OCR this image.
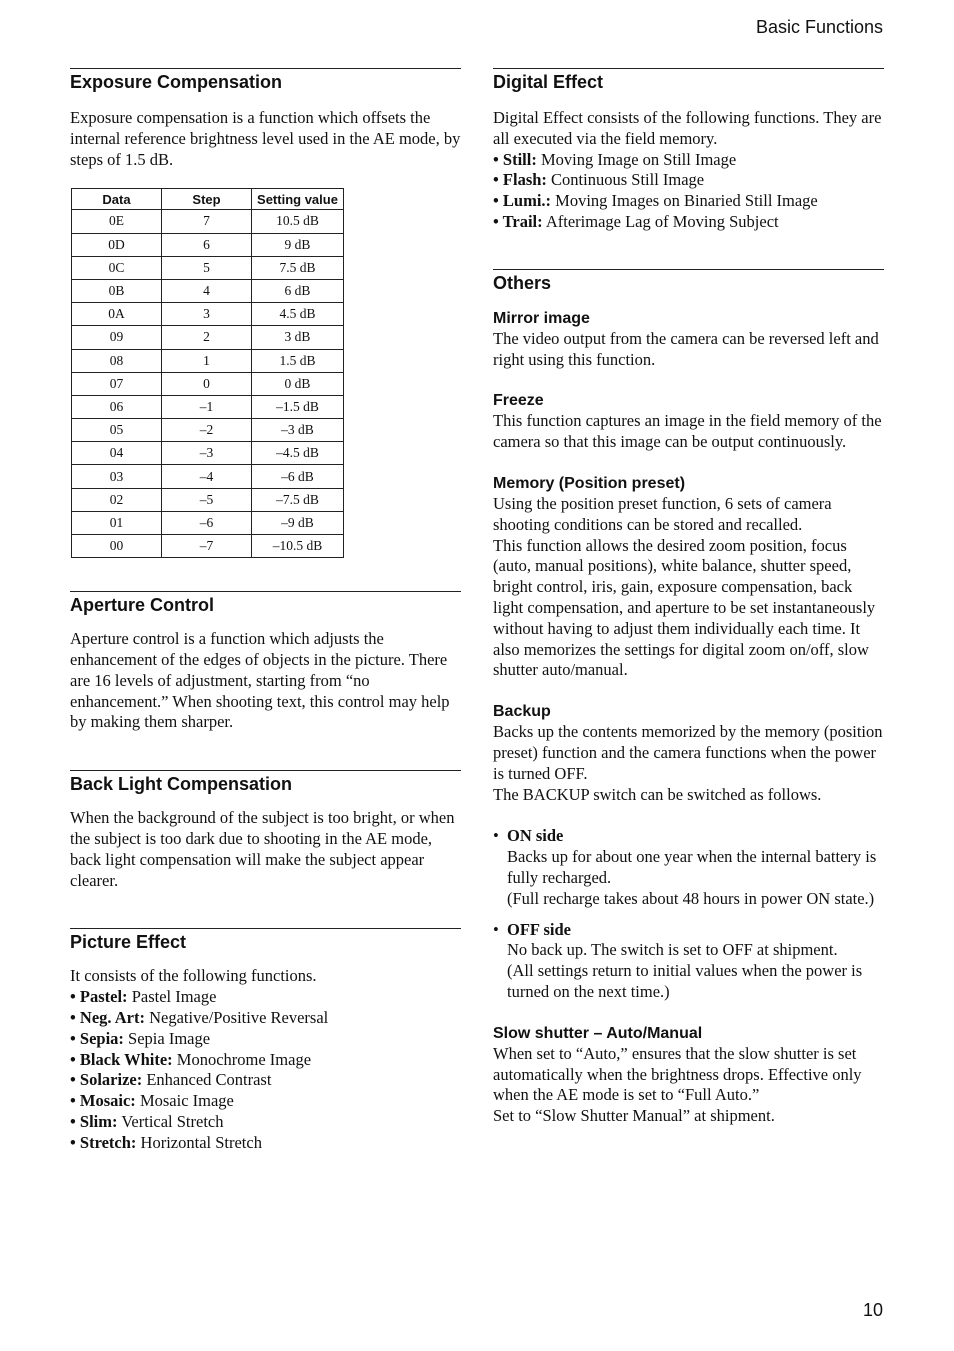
Basic Functions
Exposure Compensation

Exposure compensation is a function which offsets the internal reference brightness level used in the AE mode, by steps of 1.5 dB.

Data	Step	Setting value
0E	7	10.5 dB
0D	6	9 dB
0C	5	7.5 dB
0B	4	6 dB
0A	3	4.5 dB
09	2	3 dB
08	1	1.5 dB
07	0	0 dB
06	–1	–1.5 dB
05	–2	–3 dB
04	–3	–4.5 dB
03	–4	–6 dB
02	–5	–7.5 dB
01	–6	–9 dB
00	–7	–10.5 dB
Aperture Control

Aperture control is a function which adjusts the enhancement of the edges of objects in the picture. There are 16 levels of adjustment, starting from “no enhancement.” When shooting text, this control may help by making them sharper.

Back Light Compensation

When the background of the subject is too bright, or when the subject is too dark due to shooting in the AE mode, back light compensation will make the subject appear clearer.

Picture Effect

It consists of the following functions.

• Pastel: Pastel Image
• Neg. Art: Negative/Positive Reversal
• Sepia: Sepia Image
• Black White: Monochrome Image
• Solarize: Enhanced Contrast
• Mosaic: Mosaic Image
• Slim: Vertical Stretch
• Stretch: Horizontal Stretch
Digital Effect

Digital Effect consists of the following functions. They are all executed via the field memory.

• Still: Moving Image on Still Image
• Flash: Continuous Still Image
• Lumi.: Moving Images on Binaried Still Image
• Trail: Afterimage Lag of Moving Subject
Others
Mirror image

The video output from the camera can be reversed left and right using this function.

Freeze

This function captures an image in the field memory of the camera so that this image can be output continuously.

Memory (Position preset)

Using the position preset function, 6 sets of camera shooting conditions can be stored and recalled.

This function allows the desired zoom position, focus (auto, manual positions), white balance, shutter speed, bright control, iris, gain, exposure compensation, back light compensation, and aperture to be set instantaneously without having to adjust them individually each time. It also memorizes the settings for digital zoom on/off, slow shutter auto/manual.

Backup

Backs up the contents memorized by the memory (position preset) function and the camera functions when the power is turned OFF.

The BACKUP switch can be switched as follows.

• ON side

Backs up for about one year when the internal battery is fully recharged.

(Full recharge takes about 48 hours in power ON state.)

• OFF side

No back up. The switch is set to OFF at shipment.

(All settings return to initial values when the power is turned on the next time.)

Slow shutter – Auto/Manual

When set to “Auto,” ensures that the slow shutter is set automatically when the brightness drops. Effective only when the AE mode is set to “Full Auto.”

Set to “Slow Shutter Manual” at shipment.

10
